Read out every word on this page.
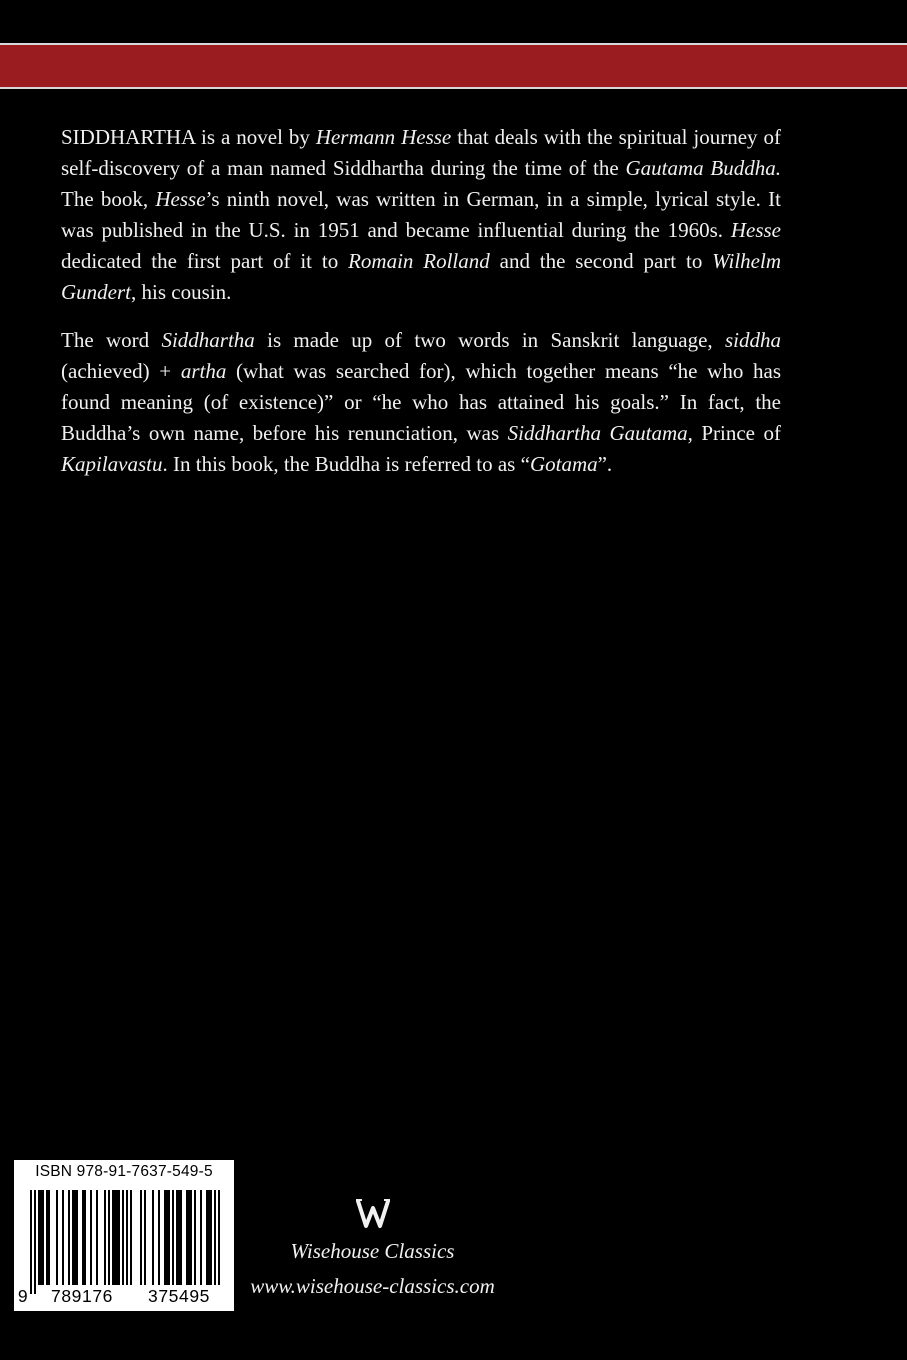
SIDDHARTHA is a novel by Hermann Hesse that deals with the spiritual journey of self-discovery of a man named Siddhartha during the time of the Gautama Buddha. The book, Hesse’s ninth novel, was written in German, in a simple, lyrical style. It was published in the U.S. in 1951 and became influential during the 1960s. Hesse dedicated the first part of it to Romain Rolland and the second part to Wilhelm Gundert, his cousin.

The word Siddhartha is made up of two words in Sanskrit language, siddha (achieved) + artha (what was searched for), which together means “he who has found meaning (of existence)” or “he who has attained his goals.” In fact, the Buddha’s own name, before his renunciation, was Siddhartha Gautama, Prince of Kapilavastu. In this book, the Buddha is referred to as “Gotama”.

ISBN 978-91-7637-549-5
9	789176	375495
Wisehouse Classics
www.wisehouse-classics.com
